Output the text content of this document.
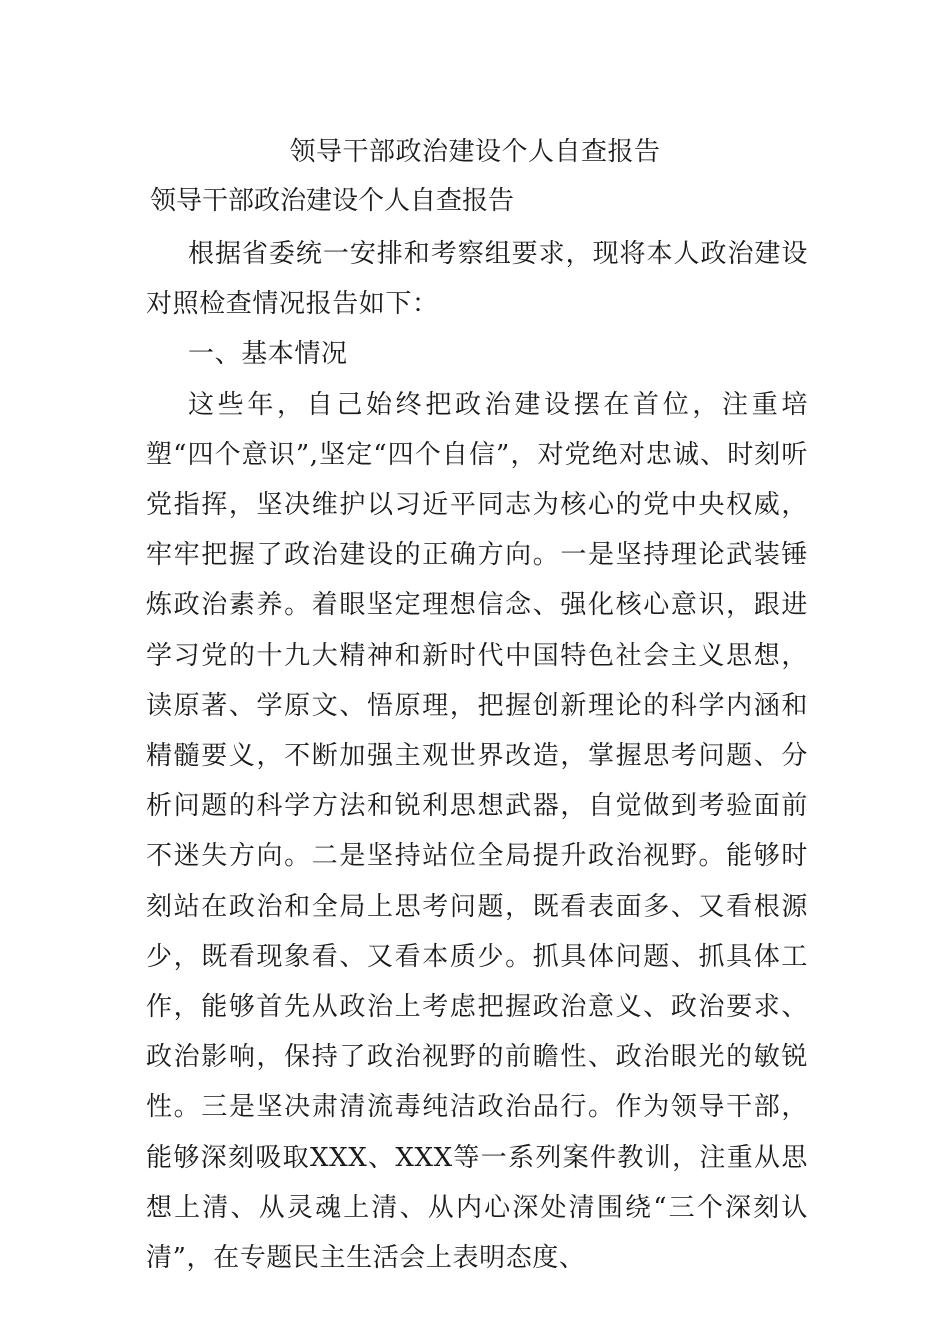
领导干部政治建设个人自查报告
领导干部政治建设个人自查报告

根据省委统一安排和考察组要求，现将本人政治建设对照检查情况报告如下：

一、基本情况

这些年，自己始终把政治建设摆在首位，注重培塑“四个意识”,坚定“四个自信”，对党绝对忠诚、时刻听党指挥，坚决维护以习近平同志为核心的党中央权威，牢牢把握了政治建设的正确方向。一是坚持理论武装锤炼政治素养。着眼坚定理想信念、强化核心意识，跟进学习党的十九大精神和新时代中国特色社会主义思想，读原著、学原文、悟原理，把握创新理论的科学内涵和精髓要义，不断加强主观世界改造，掌握思考问题、分析问题的科学方法和锐利思想武器，自觉做到考验面前不迷失方向。二是坚持站位全局提升政治视野。能够时刻站在政治和全局上思考问题，既看表面多、又看根源少，既看现象看、又看本质少。抓具体问题、抓具体工作，能够首先从政治上考虑把握政治意义、政治要求、政治影响，保持了政治视野的前瞻性、政治眼光的敏锐性。三是坚决肃清流毒纯洁政治品行。作为领导干部，能够深刻吸取XXX、XXX等一系列案件教训，注重从思想上清、从灵魂上清、从内心深处清围绕“三个深刻认清”，在专题民主生活会上表明态度、
